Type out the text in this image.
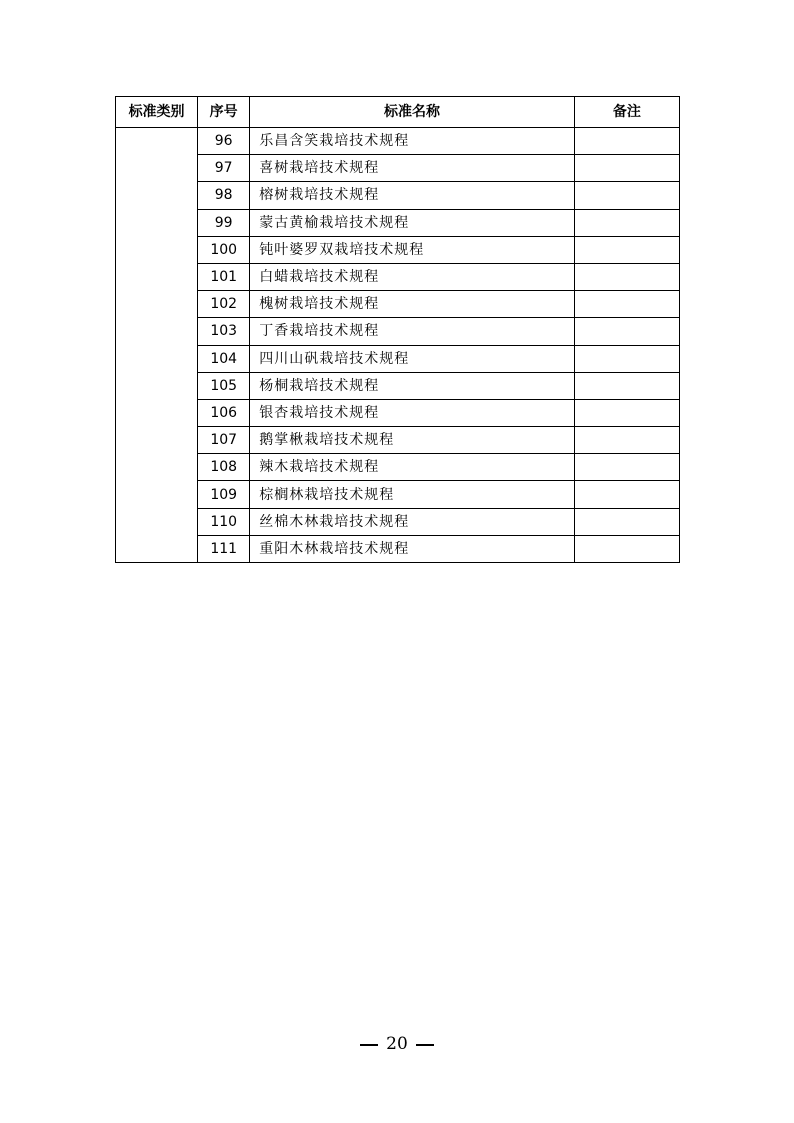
标准类别	序号	标准名称	备注
	96	乐昌含笑栽培技术规程	
	97	喜树栽培技术规程	
	98	榕树栽培技术规程	
	99	蒙古黄榆栽培技术规程	
	100	钝叶婆罗双栽培技术规程	
	101	白蜡栽培技术规程	
	102	槐树栽培技术规程	
	103	丁香栽培技术规程	
	104	四川山矾栽培技术规程	
	105	杨桐栽培技术规程	
	106	银杏栽培技术规程	
	107	鹅掌楸栽培技术规程	
	108	辣木栽培技术规程	
	109	棕榈林栽培技术规程	
	110	丝棉木林栽培技术规程	
	111	重阳木林栽培技术规程	
20
